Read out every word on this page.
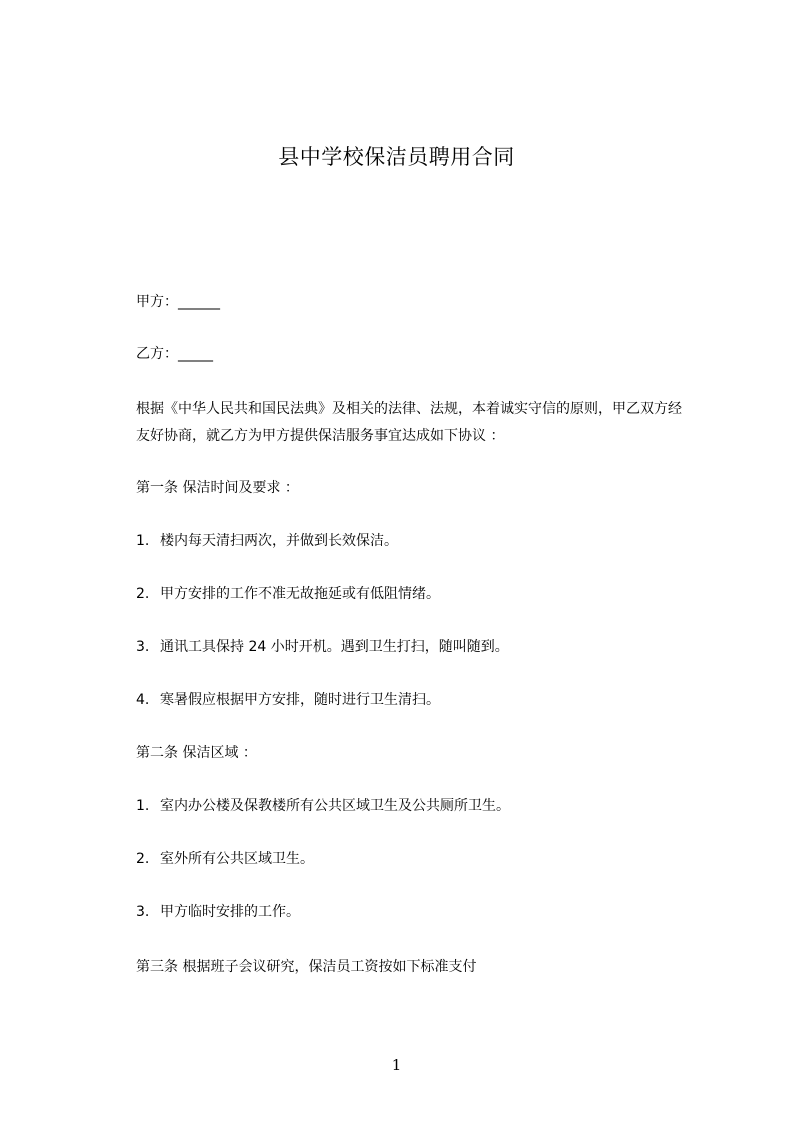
县中学校保洁员聘用合同
甲方：______
乙方：_____
根据《中华人民共和国民法典》及相关的法律、法规，本着诚实守信的原则，甲乙双方经友好协商，就乙方为甲方提供保洁服务事宜达成如下协议 ：
第一条 保洁时间及要求 ：
1. 楼内每天清扫两次，并做到长效保洁。
2. 甲方安排的工作不准无故拖延或有低阻情绪。
3. 通讯工具保持 24 小时开机。遇到卫生打扫，随叫随到。
4. 寒暑假应根据甲方安排，随时进行卫生清扫。
第二条 保洁区域 ：
1. 室内办公楼及保教楼所有公共区域卫生及公共厕所卫生。
2. 室外所有公共区域卫生。
3. 甲方临时安排的工作。
第三条 根据班子会议研究，保洁员工资按如下标准支付
1
